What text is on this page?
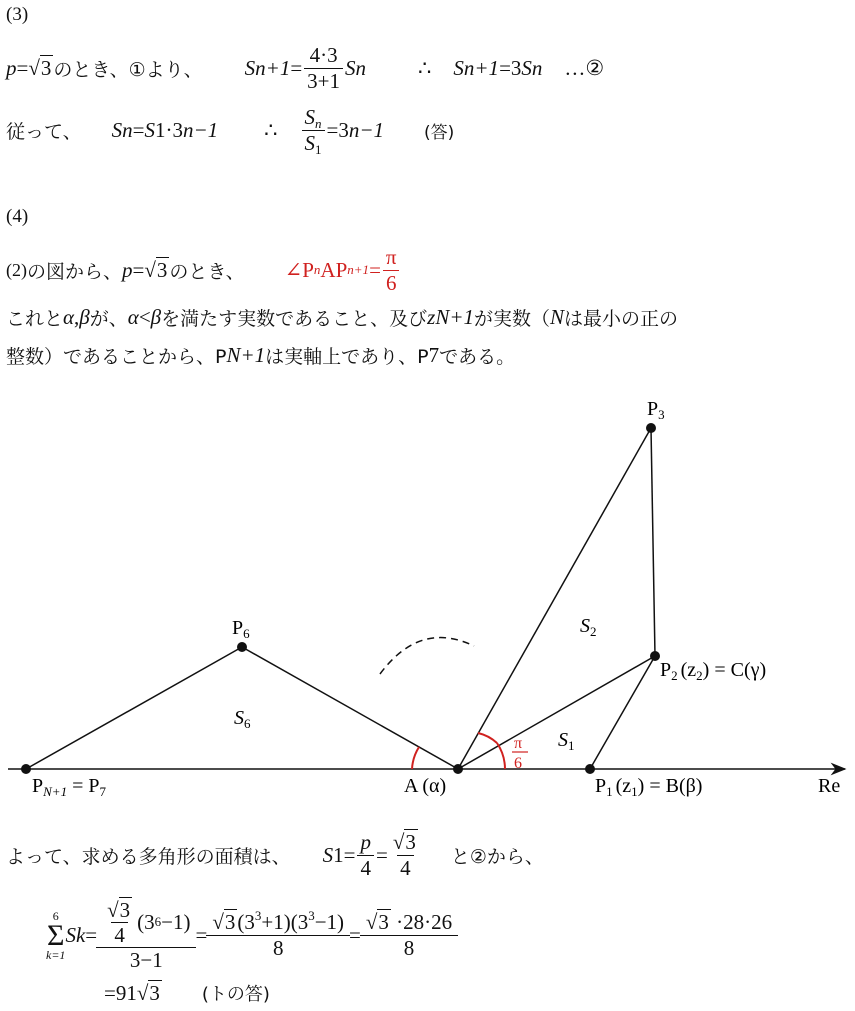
(3)
p = √3 のとき、①より、 S $n+1 = \frac{4\cdot 3}{3+1}$ S n ∴ S n+1 =3 S n …②
従って、 S n = S 1 ·3 n−1 ∴ $\frac{S_n}{S_1} =3$ n−1 (答)
(4)
(2) の図から、 p = √3 のとき、 ∠P n AP $n+1 = \frac{\pi}{6}$
これと α , β が、 α < β を満たす実数であること、及び z N+1 が実数（ N は最小の正の
整数）であることから、P N+1 は実軸上であり、P 7 である。
$P_3$
$P_6$	$S_2$
$S_6$
$S_1$
$P_2$ $(z_2) = C(\gamma)$
A (α)	$P_1$ $(z_1) = B(\beta)$
$P_{N+1} = P_7$	Re
π
6
よって、求める多角形の面積は、 S $1 = \frac{p}{4} = \frac{√3}{4}$ と②から、
6
Σ
k=1
S $k = \frac{\frac{√3}{4} (3 6 -1)}{3-1} = \frac{√3(3^3+1)(3^3-1)}{8} = \frac{√3 \cdot 28\cdot 26}{8}$
=91 √3 (トの答)
